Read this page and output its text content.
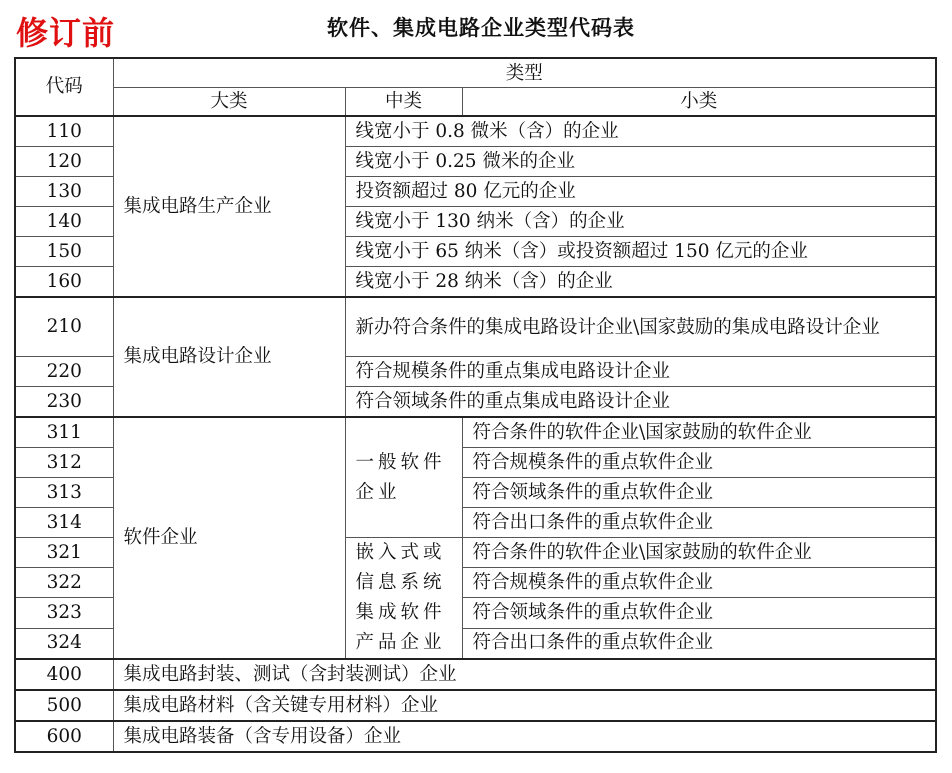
修订前	软件、集成电路企业类型代码表
代码	类型		
	大类	中类	小类
110	集成电路生产企业	线宽小于 0.8 微米（含）的企业	
120		线宽小于 0.25 微米的企业	
130		投资额超过 80 亿元的企业	
140		线宽小于 130 纳米（含）的企业	
150		线宽小于 65 纳米（含）或投资额超过 150 亿元的企业	
160		线宽小于 28 纳米（含）的企业	
210	集成电路设计企业	新办符合条件的集成电路设计企业\国家鼓励的集成电路设计企业	
220		符合规模条件的重点集成电路设计企业	
230		符合领域条件的重点集成电路设计企业	
311	软件企业	一般软件企业	符合条件的软件企业\国家鼓励的软件企业
312			符合规模条件的重点软件企业
313			符合领域条件的重点软件企业
314			符合出口条件的重点软件企业
321		嵌入式或信息系统集成软件产品企业	符合条件的软件企业\国家鼓励的软件企业
322			符合规模条件的重点软件企业
323			符合领域条件的重点软件企业
324			符合出口条件的重点软件企业
400	集成电路封装、测试（含封装测试）企业		
500	集成电路材料（含关键专用材料）企业		
600	集成电路装备（含专用设备）企业		
